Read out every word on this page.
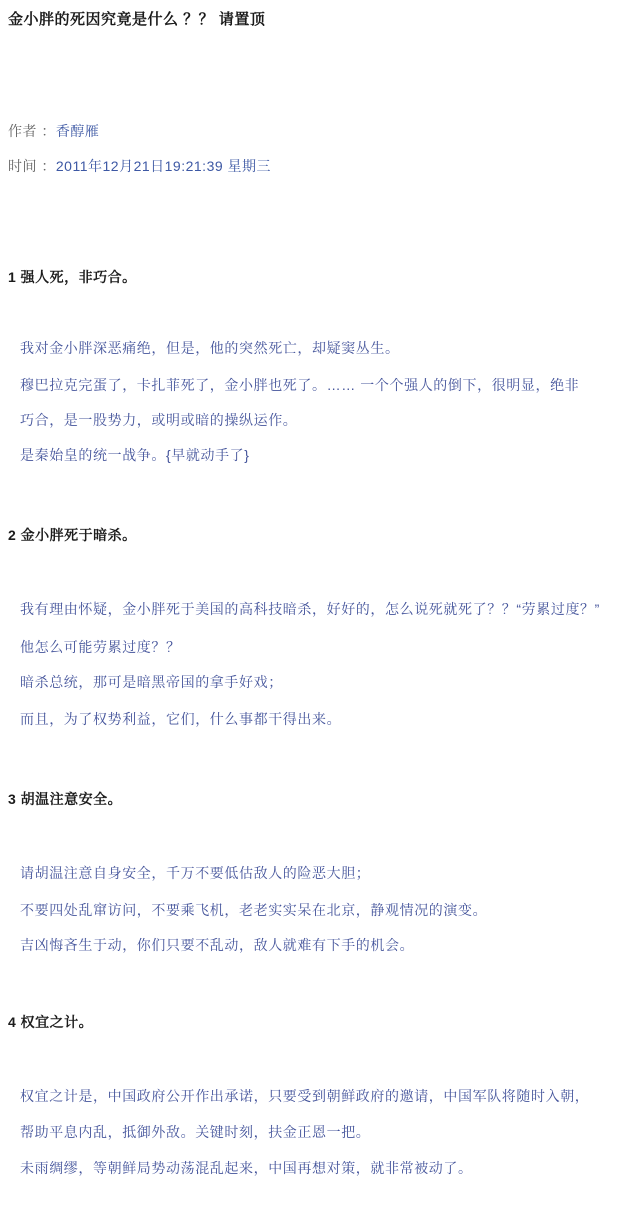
金小胖的死因究竟是什么 ？？ 请置顶

作者 ：香醇雁

时间 ：2011年12月21日19:21:39 星期三

1 强人死，非巧合。

我对金小胖深恶痛绝，但是，他的突然死亡，却疑窦丛生。

穆巴拉克完蛋了，卡扎菲死了，金小胖也死了。…… 一个个强人的倒下，很明显，绝非

巧合，是一股势力，或明或暗的操纵运作。

是秦始皇的统一战争。{早就动手了}

2 金小胖死于暗杀。

我有理由怀疑，金小胖死于美国的高科技暗杀，好好的，怎么说死就死了？？“劳累过度？”

他怎么可能劳累过度？？

暗杀总统，那可是暗黑帝国的拿手好戏；

而且，为了权势利益，它们，什么事都干得出来。

3 胡温注意安全。

请胡温注意自身安全，千万不要低估敌人的险恶大胆；

不要四处乱窜访问，不要乘飞机，老老实实呆在北京，静观情况的演变。

吉凶悔吝生于动，你们只要不乱动，敌人就难有下手的机会。

4 权宜之计。

权宜之计是，中国政府公开作出承诺，只要受到朝鲜政府的邀请，中国军队将随时入朝，

帮助平息内乱，抵御外敌。关键时刻，扶金正恩一把。

未雨绸缪，等朝鲜局势动荡混乱起来，中国再想对策，就非常被动了。
